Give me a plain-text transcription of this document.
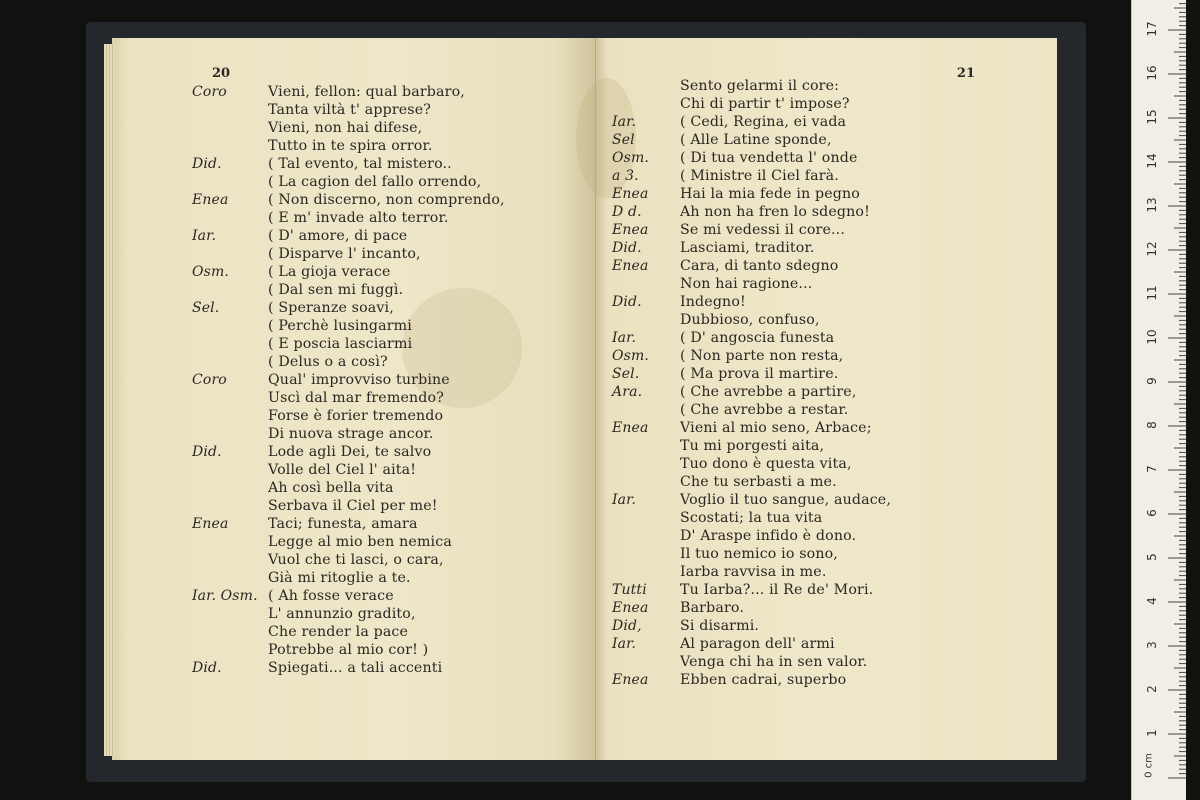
20
Coro	Vieni, fellon: qual barbaro,
Tanta viltà t' apprese?
Vieni, non hai difese,
Tutto in te spira orror.
Did.	( Tal evento, tal mistero..
( La cagion del fallo orrendo,
Enea	( Non discerno, non comprendo,
( E m' invade alto terror.
Iar.	( D' amore, di pace
( Disparve l' incanto,
Osm.	( La gioja verace
( Dal sen mi fuggì.
Sel.	( Speranze soavi,
( Perchè lusingarmi
( E poscia lasciarmi
( Delus o a così?
Coro	Qual' improvviso turbine
Uscì dal mar fremendo?
Forse è forier tremendo
Di nuova strage ancor.
Did.	Lode agli Dei, te salvo
Volle del Ciel l' aita!
Ah così bella vita
Serbava il Ciel per me!
Enea	Taci; funesta, amara
Legge al mio ben nemica
Vuol che ti lasci, o cara,
Già mi ritoglie a te.
Iar. Osm. ( Ah fosse verace
L' annunzio gradito,
Che render la pace
Potrebbe al mio cor! )
Did.	Spiegati... a tali accenti
21
Sento gelarmi il core:
Chi di partir t' impose?
Iar.	( Cedi, Regina, ei vada
Sel	( Alle Latine sponde,
Osm. ( Di tua vendetta l' onde
a 3.	( Ministre il Ciel farà.
Enea Hai la mia fede in pegno
D d.	Ah non ha fren lo sdegno!
Enea Se mi vedessi il core...
Did.	Lasciami, traditor.
Enea Cara, di tanto sdegno
Non hai ragione...
Did.	Indegno!
Dubbioso, confuso,
Iar.	( D' angoscia funesta
Osm. ( Non parte non resta,
Sel.	( Ma prova il martire.
Ara.	( Che avrebbe a partire,
( Che avrebbe a restar.
Enea Vieni al mio seno, Arbace;
Tu mi porgesti aita,
Tuo dono è questa vita,
Che tu serbasti a me.
Iar.	Voglio il tuo sangue, audace,
Scostati; la tua vita
D' Araspe infido è dono.
Il tuo nemico io sono,
Iarba ravvisa in me.
Tutti Tu Iarba?... il Re de' Mori.
Enea Barbaro.
Did,	Si disarmi.
Iar.	Al paragon dell' armi
Venga chi ha in sen valor.
Enea Ebben cadrai, superbo
0 cm
1
2
3
4
5
6
7
8
9
10
11
12
13
14
15
16
17
